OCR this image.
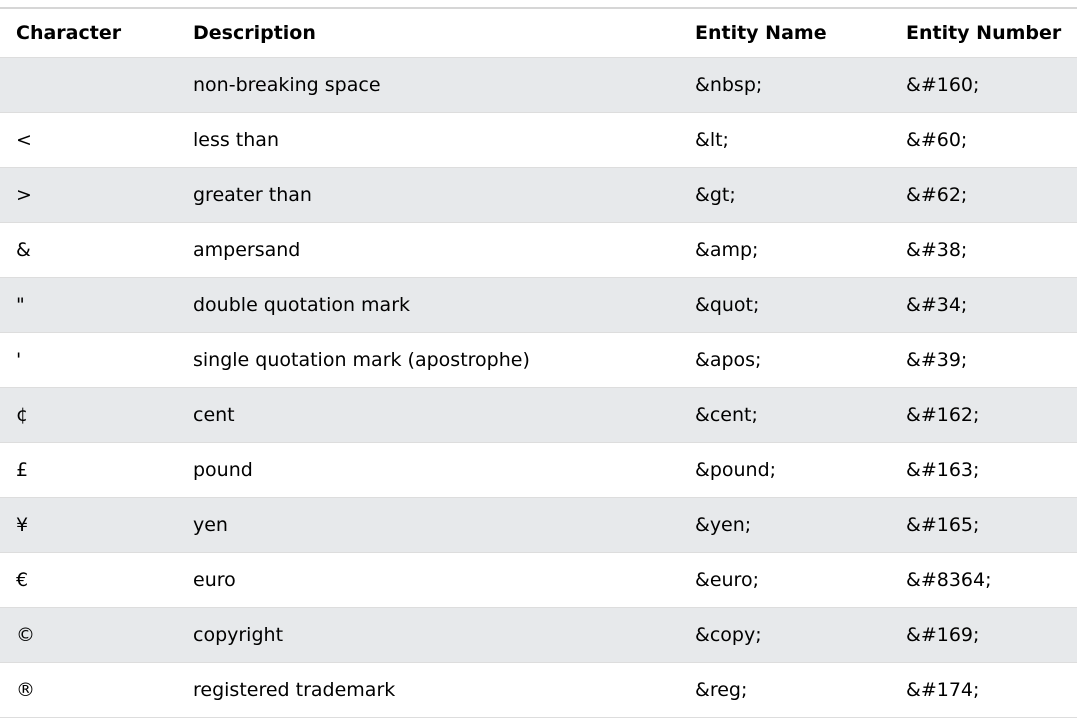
Character	Description	Entity Name	Entity Number
	non-breaking space	&nbsp;	&#160;
<	less than	&lt;	&#60;
>	greater than	&gt;	&#62;
&	ampersand	&amp;	&#38;
"	double quotation mark	&quot;	&#34;
'	single quotation mark (apostrophe)	&apos;	&#39;
¢	cent	&cent;	&#162;
£	pound	&pound;	&#163;
¥	yen	&yen;	&#165;
€	euro	&euro;	&#8364;
©	copyright	&copy;	&#169;
®	registered trademark	&reg;	&#174;
